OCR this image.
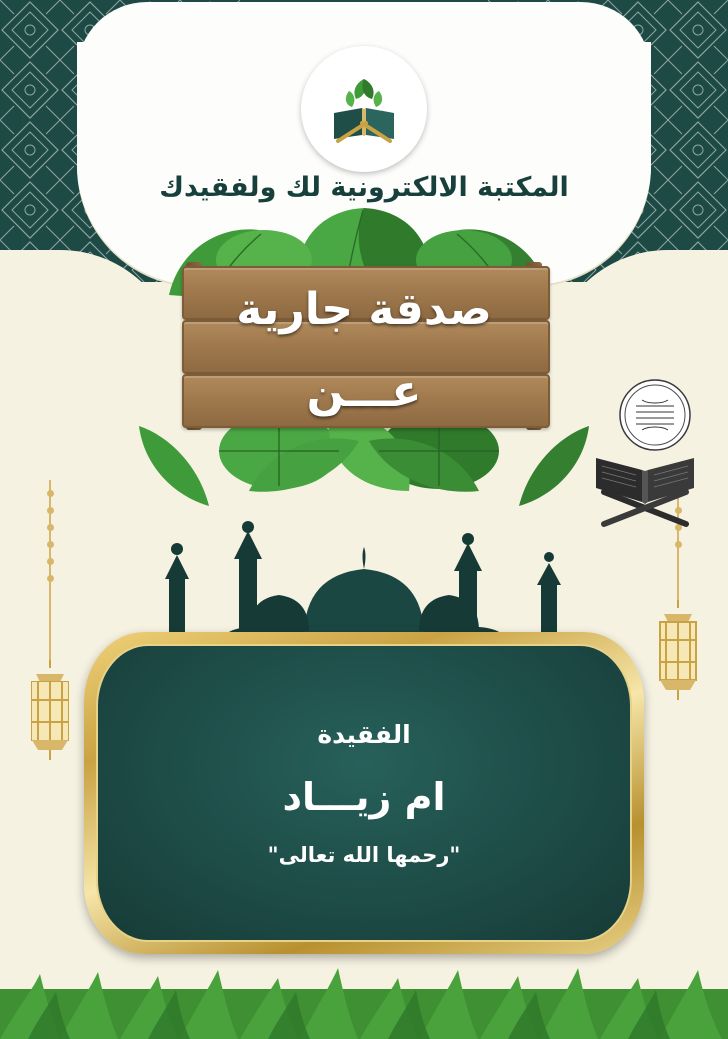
المكتبة الالكترونية لك ولفقيدك
صدقة جارية
عـــن
الفقيدة
ام زيـــاد
"رحمها الله تعالى"
